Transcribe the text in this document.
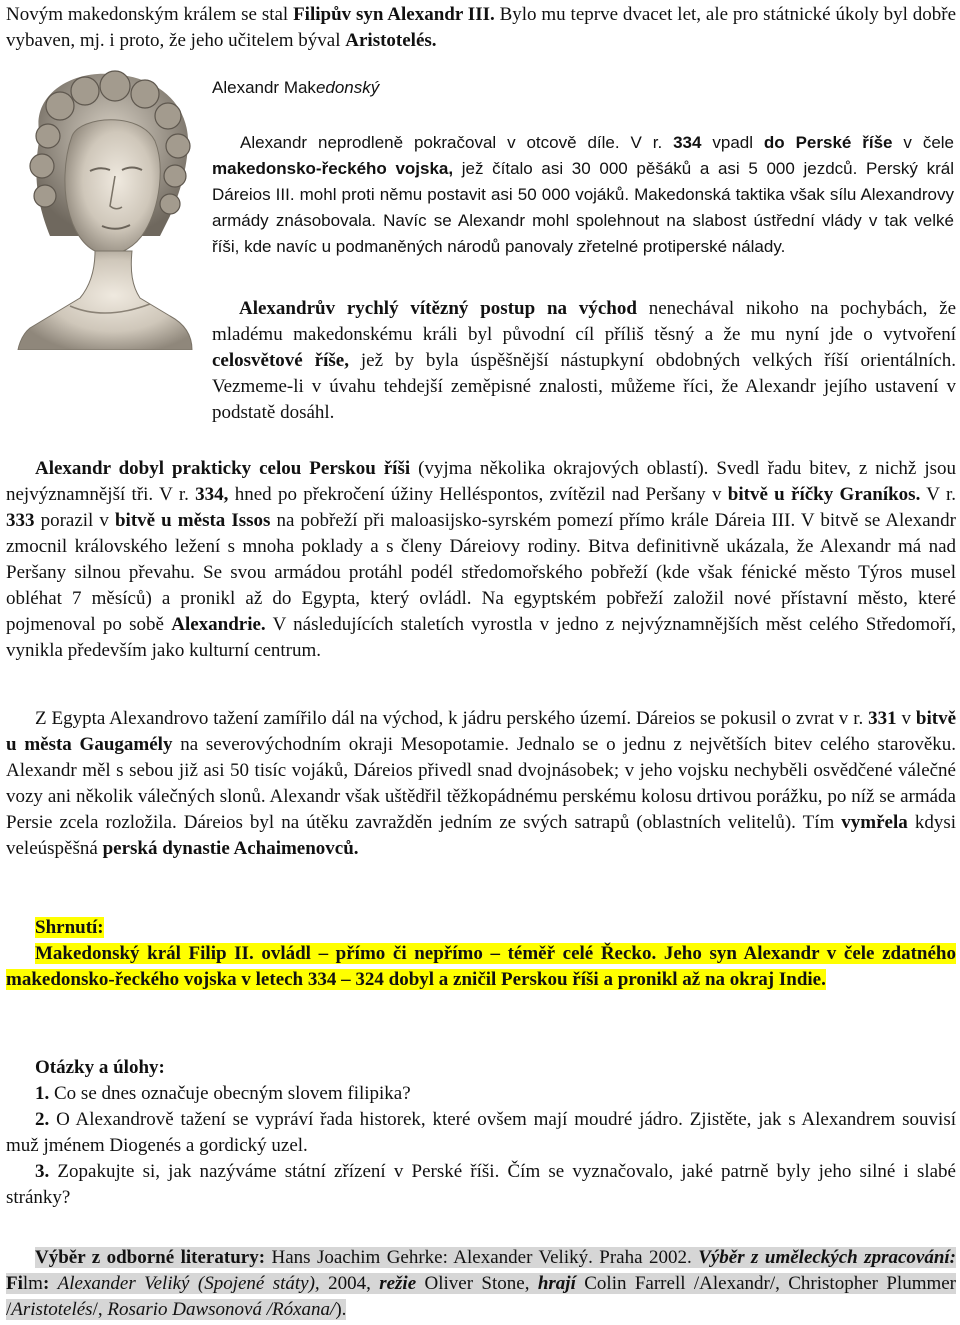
Novým makedonským králem se stal Filipův syn Alexandr III. Bylo mu teprve dvacet let, ale pro státnické úkoly byl dobře vybaven, mj. i proto, že jeho učitelem býval Aristotelés.
Alexandr Makedonský
Alexandr neprodleně pokračoval v otcově díle. V r. 334 vpadl do Perské říše v čele makedonsko-řeckého vojska, jež čítalo asi 30 000 pěšáků a asi 5 000 jezdců. Perský král Dáreios III. mohl proti němu postavit asi 50 000 vojáků. Makedonská taktika však sílu Alexandrovy armády znásobovala. Navíc se Alexandr mohl spolehnout na slabost ústřední vlády v tak velké říši, kde navíc u podmaněných národů panovaly zřetelné protiperské nálady.
Alexandrův rychlý vítězný postup na východ nenechával nikoho na pochybách, že mladému makedonskému králi byl původní cíl příliš těsný a že mu nyní jde o vytvoření celosvětové říše, jež by byla úspěšnější nástupkyní obdobných velkých říší orientálních. Vezmeme-li v úvahu tehdejší zeměpisné znalosti, můžeme říci, že Alexandr jejího ustavení v podstatě dosáhl.
Alexandr dobyl prakticky celou Perskou říši (vyjma několika okrajových oblastí). Svedl řadu bitev, z nichž jsou nejvýznamnější tři. V r. 334, hned po překročení úžiny Helléspontos, zvítězil nad Peršany v bitvě u říčky Graníkos. V r. 333 porazil v bitvě u města Issos na pobřeží při maloasijsko-syrském pomezí přímo krále Dáreia III. V bitvě se Alexandr zmocnil královského ležení s mnoha poklady a s členy Dáreiovy rodiny. Bitva definitivně ukázala, že Alexandr má nad Peršany silnou převahu. Se svou armádou protáhl podél středomořského pobřeží (kde však fénické město Týros musel obléhat 7 měsíců) a pronikl až do Egypta, který ovládl. Na egyptském pobřeží založil nové přístavní město, které pojmenoval po sobě Alexandrie. V následujících staletích vyrostla v jedno z nejvýznamnějších měst celého Středomoří, vynikla především jako kulturní centrum.
Z Egypta Alexandrovo tažení zamířilo dál na východ, k jádru perského území. Dáreios se pokusil o zvrat v r. 331 v bitvě u města Gaugamély na severovýchodním okraji Mesopotamie. Jednalo se o jednu z největších bitev celého starověku. Alexandr měl s sebou již asi 50 tisíc vojáků, Dáreios přivedl snad dvojnásobek; v jeho vojsku nechyběli osvědčené válečné vozy ani několik válečných slonů. Alexandr však uštědřil těžkopádnému perskému kolosu drtivou porážku, po níž se armáda Persie zcela rozložila. Dáreios byl na útěku zavražděn jedním ze svých satrapů (oblastních velitelů). Tím vymřela kdysi veleúspěšná perská dynastie Achaimenovců.
Shrnutí:
Makedonský král Filip II. ovládl – přímo či nepřímo – téměř celé Řecko. Jeho syn Alexandr v čele zdatného makedonsko-řeckého vojska v letech 334 – 324 dobyl a zničil Perskou říši a pronikl až na okraj Indie.
Otázky a úlohy:
1. Co se dnes označuje obecným slovem filipika?
2. O Alexandrově tažení se vypráví řada historek, které ovšem mají moudré jádro. Zjistěte, jak s Alexandrem souvisí muž jménem Diogenés a gordický uzel.
3. Zopakujte si, jak nazýváme státní zřízení v Perské říši. Čím se vyznačovalo, jaké patrně byly jeho silné i slabé stránky?
Výběr z odborné literatury: Hans Joachim Gehrke: Alexander Veliký. Praha 2002. Výběr z uměleckých zpracování: Film: Alexander Veliký (Spojené státy), 2004, režie Oliver Stone, hrají Colin Farrell /Alexandr/, Christopher Plummer /Aristotelés/, Rosario Dawsonová /Róxana/).
